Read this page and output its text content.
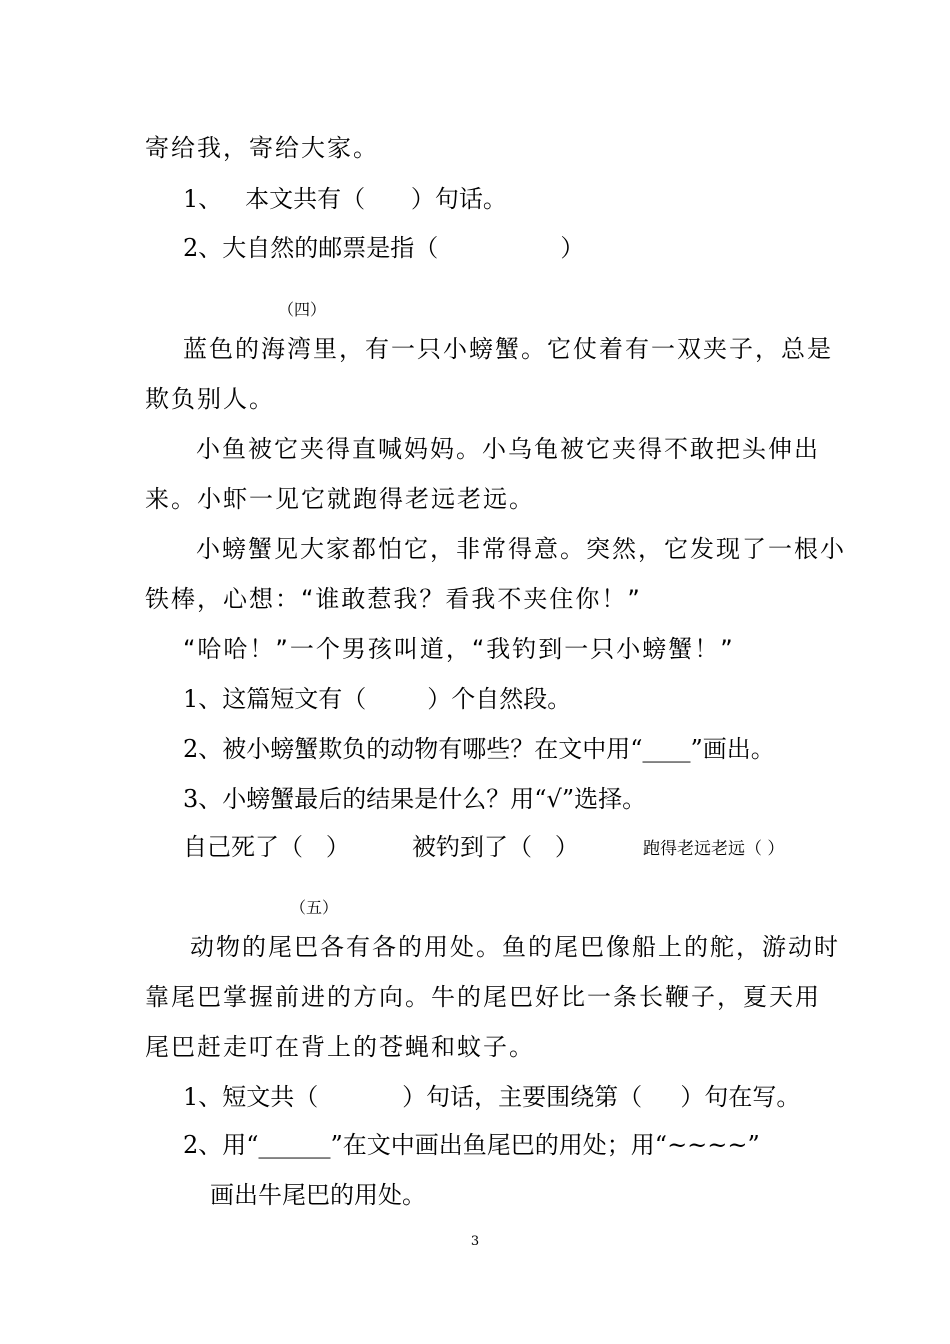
寄给我，寄给大家。
1、   本文共有（      ）句话。
2、大自然的邮票是指（                ）
（四）
蓝色的海湾里，有一只小螃蟹。它仗着有一双夹子，总是
欺负别人。
小鱼被它夹得直喊妈妈。小乌龟被它夹得不敢把头伸出
来。小虾一见它就跑得老远老远。
小螃蟹见大家都怕它，非常得意。突然，它发现了一根小
铁棒，心想：“谁敢惹我？看我不夹住你！”
“哈哈！”一个男孩叫道，“我钓到一只小螃蟹！”
1、这篇短文有（        ）个自然段。
2、被小螃蟹欺负的动物有哪些？在文中用“____”画出。
3、小螃蟹最后的结果是什么？用“√”选择。
自己死了（   ）	被钓到了（   ）	跑得老远老远（ ）
（五）
动物的尾巴各有各的用处。鱼的尾巴像船上的舵，游动时
靠尾巴掌握前进的方向。牛的尾巴好比一条长鞭子，夏天用
尾巴赶走叮在背上的苍蝇和蚊子。
1、短文共（           ）句话，主要围绕第（     ）句在写。
2、用“______”在文中画出鱼尾巴的用处；用“~~~~”
画出牛尾巴的用处。
3
